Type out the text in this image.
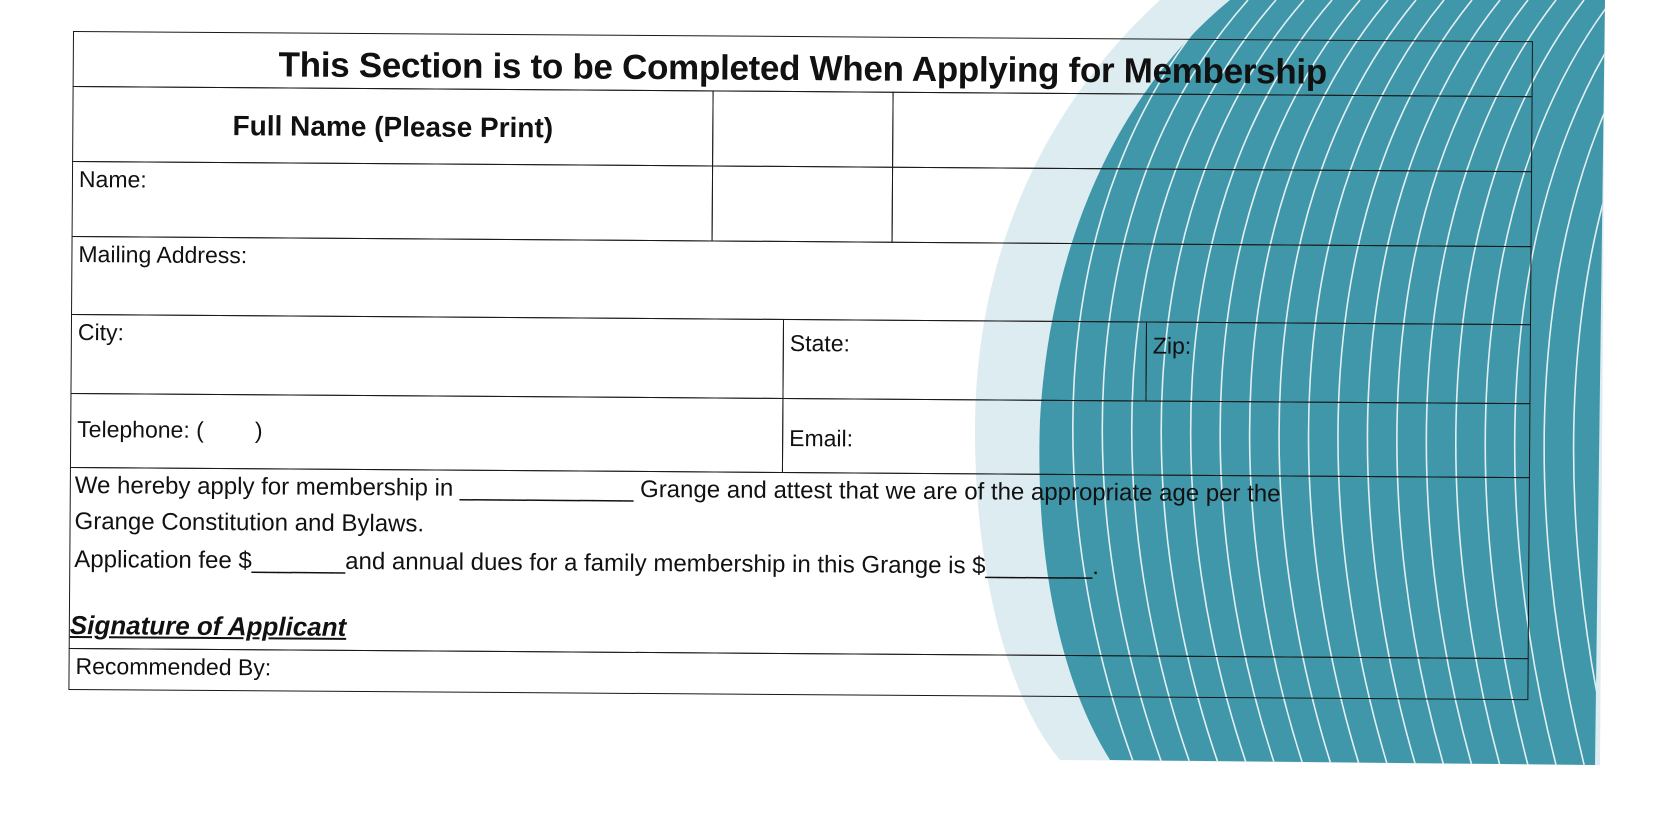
This Section is to be Completed When Applying for Membership
Full Name (Please Print)
Name:
Mailing Address:
City:	State:	Zip:
Telephone: (        )	Email:
We hereby apply for membership in _____________ Grange and attest that we are of the appropriate age per the
Grange Constitution and Bylaws.
Application fee $_______and annual dues for a family membership in this Grange is $________.
Signature of Applicant
Recommended By:
